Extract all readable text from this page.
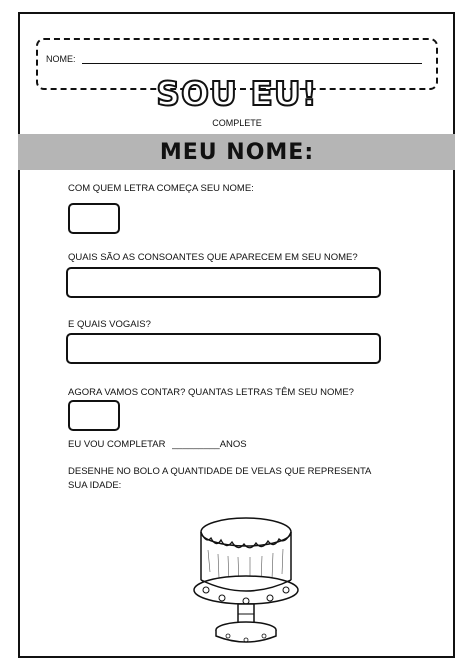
NOME:
SOU EU!
COMPLETE
MEU NOME:
COM QUEM LETRA COMEÇA SEU NOME:
QUAIS SÃO AS CONSOANTES QUE APARECEM EM SEU NOME?
E QUAIS VOGAIS?
AGORA VAMOS CONTAR? QUANTAS LETRAS TÊM SEU NOME?
EU VOU COMPLETAR _________ANOS
DESENHE NO BOLO A QUANTIDADE DE VELAS QUE REPRESENTA
SUA IDADE:
